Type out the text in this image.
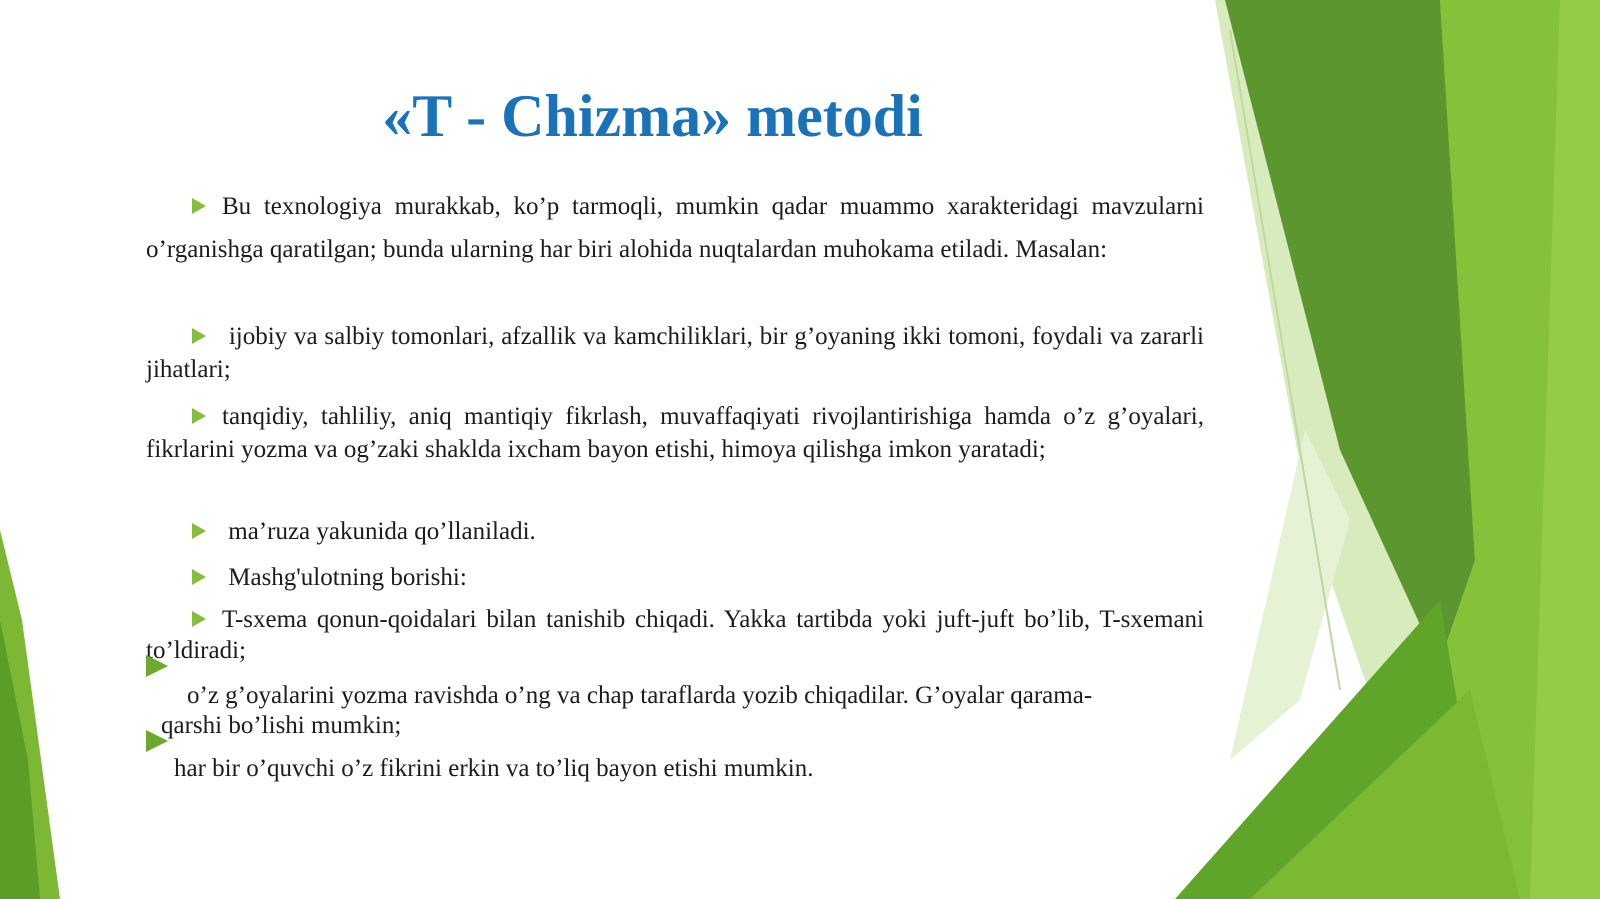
«T - Chizma» metodi
Bu texnologiya murakkab, ko’p tarmoqli, mumkin qadar muammo xarakteridagi mavzularni o’rganishga qaratilgan; bunda ularning har biri alohida nuqtalardan muhokama etiladi. Masalan:
ijobiy va salbiy tomonlari, afzallik va kamchiliklari, bir g’oyaning ikki tomoni, foydali va zararli jihatlari;
tanqidiy, tahliliy, aniq mantiqiy fikrlash, muvaffaqiyati rivojlantirishiga hamda o’z g’oyalari, fikrlarini yozma va og’zaki shaklda ixcham bayon etishi, himoya qilishga imkon yaratadi;
ma’ruza yakunida qo’llaniladi.
Mashg'ulotning borishi:
T-sxema qonun-qoidalari bilan tanishib chiqadi. Yakka tartibda yoki juft-juft bo’lib, T-sxemani to’ldiradi;
o’z g’oyalarini yozma ravishda o’ng va chap taraflarda yozib chiqadilar. G’oyalar qarama-
qarshi bo’lishi mumkin;
har bir o’quvchi o’z fikrini erkin va to’liq bayon etishi mumkin.
